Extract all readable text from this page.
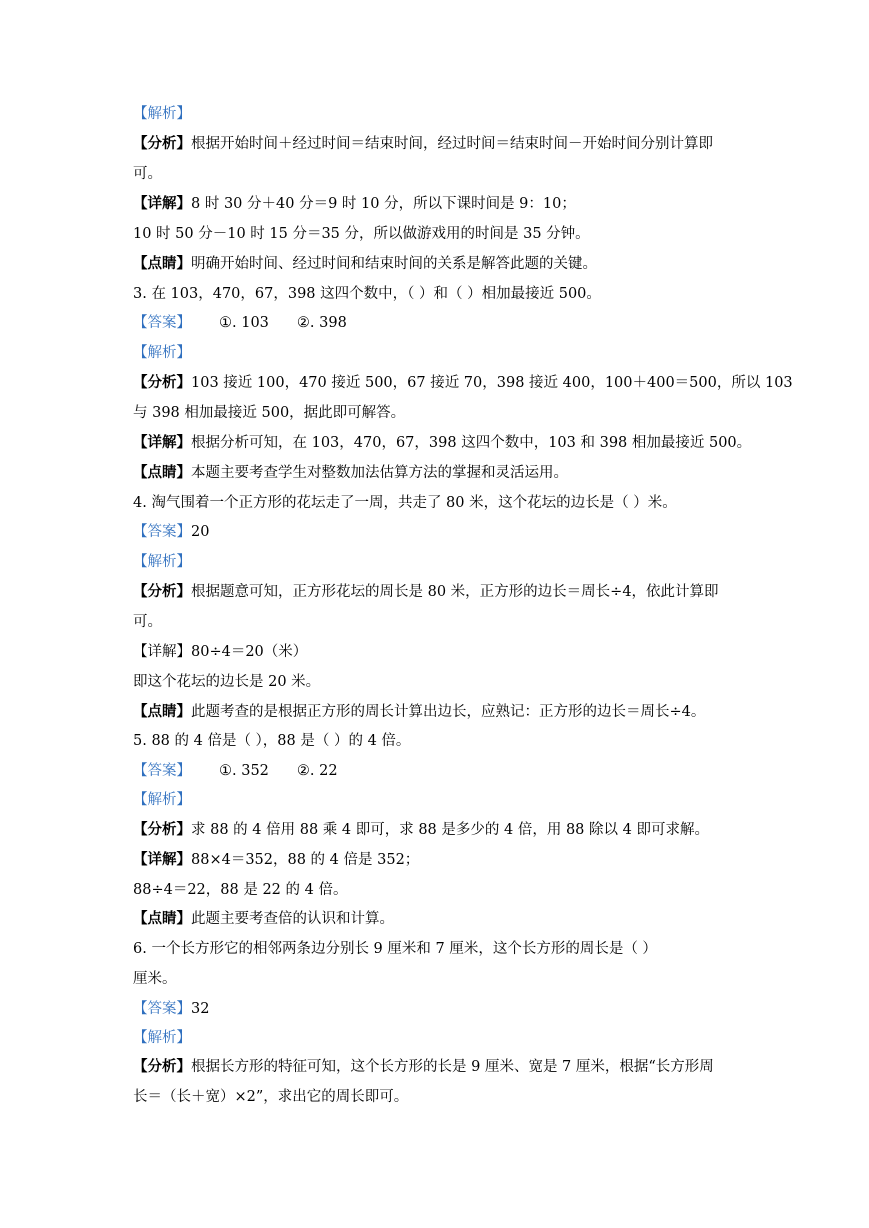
【解析】
【分析】根据开始时间＋经过时间＝结束时间，经过时间＝结束时间－开始时间分别计算即
可。
【详解】8 时 30 分＋40 分＝9 时 10 分，所以下课时间是 9：10；
10 时 50 分－10 时 15 分＝35 分，所以做游戏用的时间是 35 分钟。
【点睛】明确开始时间、经过时间和结束时间的关系是解答此题的关键。
3. 在 103，470，67，398 这四个数中，（ ）和（ ）相加最接近 500。
【答案】 ①. 103 ②. 398
【解析】
【分析】103 接近 100，470 接近 500，67 接近 70，398 接近 400，100＋400＝500，所以 103
与 398 相加最接近 500，据此即可解答。
【详解】根据分析可知，在 103，470，67，398 这四个数中，103 和 398 相加最接近 500。
【点睛】本题主要考查学生对整数加法估算方法的掌握和灵活运用。
4. 淘气围着一个正方形的花坛走了一周，共走了 80 米，这个花坛的边长是（ ）米。
【答案】20
【解析】
【分析】根据题意可知，正方形花坛的周长是 80 米，正方形的边长＝周长÷4，依此计算即
可。
【详解】80÷4＝20（米）
即这个花坛的边长是 20 米。
【点睛】此题考查的是根据正方形的周长计算出边长，应熟记：正方形的边长＝周长÷4。
5. 88 的 4 倍是（ ），88 是（ ）的 4 倍。
【答案】 ①. 352 ②. 22
【解析】
【分析】求 88 的 4 倍用 88 乘 4 即可，求 88 是多少的 4 倍，用 88 除以 4 即可求解。
【详解】88×4＝352，88 的 4 倍是 352；
88÷4＝22，88 是 22 的 4 倍。
【点睛】此题主要考查倍的认识和计算。
6. 一个长方形它的相邻两条边分别长 9 厘米和 7 厘米，这个长方形的周长是（ ）
厘米。
【答案】32
【解析】
【分析】根据长方形的特征可知，这个长方形的长是 9 厘米、宽是 7 厘米，根据“长方形周
长＝（长＋宽）×2”，求出它的周长即可。
